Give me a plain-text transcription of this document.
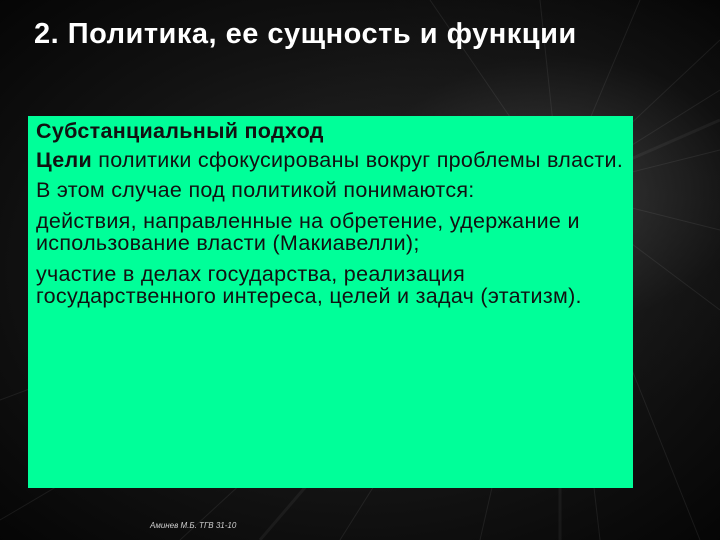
2. Политика, ее сущность и функции

Субстанциальный подход

Цели политики сфокусированы вокруг проблемы власти.

В этом случае под политикой понимаются:

действия, направленные на обретение, удержание и использование власти (Макиавелли);

участие в делах государства, реализация государственного интереса, целей и задач (этатизм).

Аминев М.Б. ТГВ 31-10
